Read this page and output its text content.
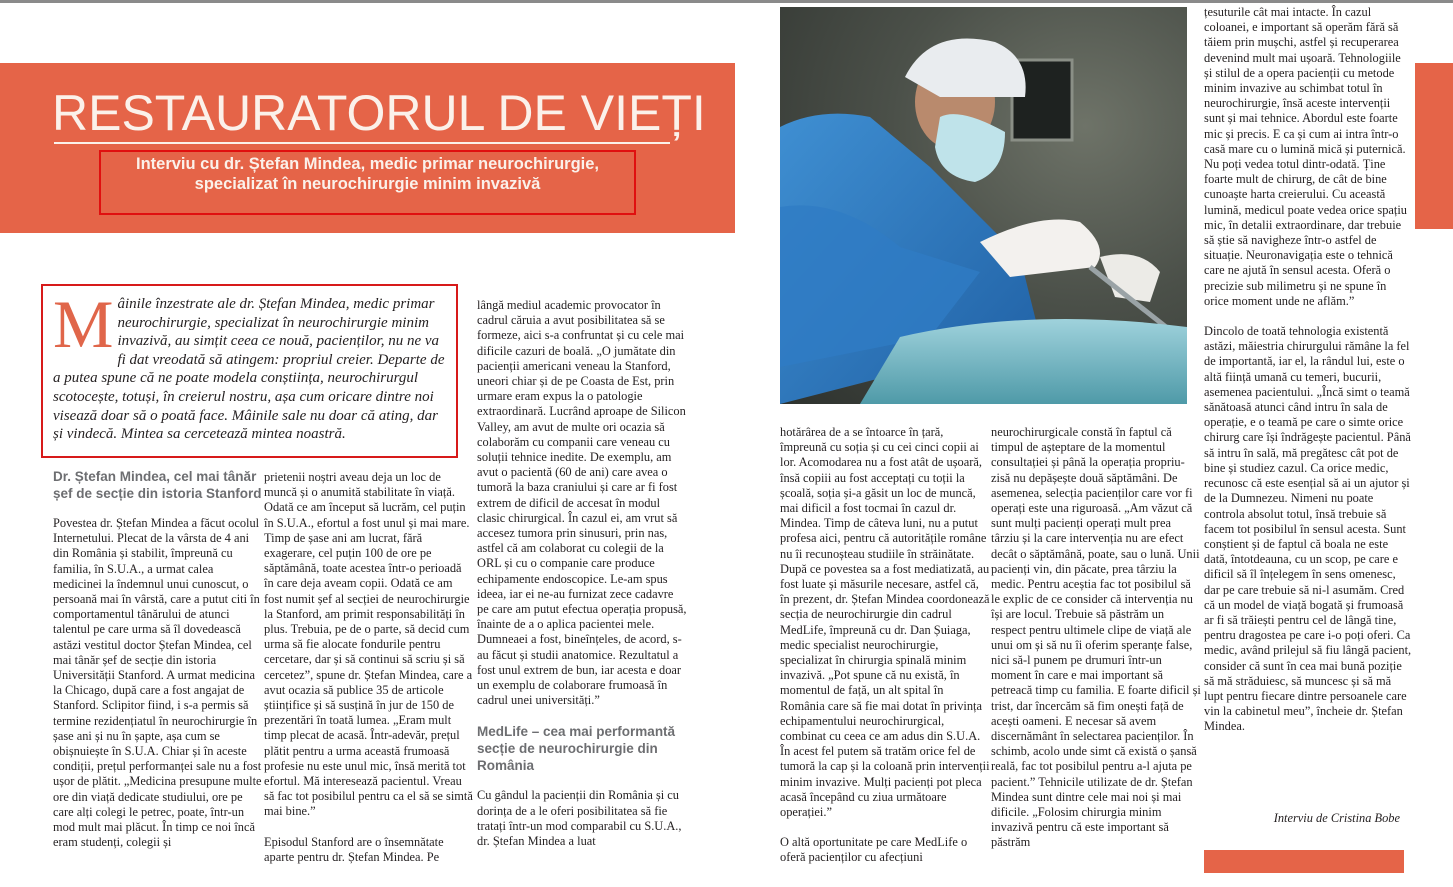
RESTAURATORUL DE VIEȚI
Interviu cu dr. Ștefan Mindea, medic primar neurochirurgie,
specializat în neurochirurgie minim invazivă
Mâinile înzestrate ale dr. Ștefan Mindea, medic primar neurochirurgie, specializat în neurochirurgie minim invazivă, au simțit ceea ce nouă, pacienților, nu ne va fi dat vreodată să atingem: propriul creier. Departe de a putea spune că ne poate modela conștiința, neurochirurgul scotocește, totuși, în creierul nostru, așa cum oricare dintre noi visează doar să o poată face. Mâinile sale nu doar că ating, dar și vindecă. Mintea sa cercetează mintea noastră.
Dr. Ștefan Mindea, cel mai tânăr șef de secție din istoria Stanford

Povestea dr. Ștefan Mindea a făcut ocolul Internetului. Plecat de la vârsta de 4 ani din România și stabilit, împreună cu familia, în S.U.A., a urmat calea medicinei la îndemnul unui cunoscut, o persoană mai în vârstă, care a putut citi în comportamentul tânărului de atunci talentul pe care urma să îl dovedească astăzi vestitul doctor Ștefan Mindea, cel mai tânăr șef de secție din istoria Universității Stanford. A urmat medicina la Chicago, după care a fost angajat de Stanford. Sclipitor fiind, i s-a permis să termine rezidențiatul în neurochirurgie în șase ani și nu în șapte, așa cum se obișnuiește în S.U.A. Chiar și în aceste condiții, prețul performanței sale nu a fost ușor de plătit. „Medicina presupune multe ore din viață dedicate studiului, ore pe care alți colegi le petrec, poate, într-un mod mult mai plăcut. În timp ce noi încă eram studenți, colegii și

prietenii noștri aveau deja un loc de muncă și o anumită stabilitate în viață. Odată ce am început să lucrăm, cel puțin în S.U.A., efortul a fost unul și mai mare. Timp de șase ani am lucrat, fără exagerare, cel puțin 100 de ore pe săptămână, toate acestea într-o perioadă în care deja aveam copii. Odată ce am fost numit șef al secției de neurochirurgie la Stanford, am primit responsabilități în plus. Trebuia, pe de o parte, să decid cum urma să fie alocate fondurile pentru cercetare, dar și să continui să scriu și să cercetez”, spune dr. Ștefan Mindea, care a avut ocazia să publice 35 de articole științifice și să susțină în jur de 150 de prezentări în toată lumea. „Eram mult timp plecat de acasă. Într-adevăr, prețul plătit pentru a urma această frumoasă profesie nu este unul mic, însă merită tot efortul. Mă interesează pacientul. Vreau să fac tot posibilul pentru ca el să se simtă mai bine.”

Episodul Stanford are o însemnătate aparte pentru dr. Ștefan Mindea. Pe

lângă mediul academic provocator în cadrul căruia a avut posibilitatea să se formeze, aici s-a confruntat și cu cele mai dificile cazuri de boală. „O jumătate din pacienții americani veneau la Stanford, uneori chiar și de pe Coasta de Est, prin urmare eram expus la o patologie extraordinară. Lucrând aproape de Silicon Valley, am avut de multe ori ocazia să colaborăm cu companii care veneau cu soluții tehnice inedite. De exemplu, am avut o pacientă (60 de ani) care avea o tumoră la baza craniului și care ar fi fost extrem de dificil de accesat în modul clasic chirurgical. În cazul ei, am vrut să accesez tumora prin sinusuri, prin nas, astfel că am colaborat cu colegii de la ORL și cu o companie care produce echipamente endoscopice. Le-am spus ideea, iar ei ne-au furnizat zece cadavre pe care am putut efectua operația propusă, înainte de a o aplica pacientei mele. Dumneaei a fost, bineînțeles, de acord, s-au făcut și studii anatomice. Rezultatul a fost unul extrem de bun, iar acesta e doar un exemplu de colaborare frumoasă în cadrul unei universități.”

MedLife – cea mai performantă secție de neurochirurgie din România

Cu gândul la pacienții din România și cu dorința de a le oferi posibilitatea să fie tratați într-un mod comparabil cu S.U.A., dr. Ștefan Mindea a luat

hotărârea de a se întoarce în țară, împreună cu soția și cu cei cinci copii ai lor. Acomodarea nu a fost atât de ușoară, însă copiii au fost acceptați cu toții la școală, soția și-a găsit un loc de muncă, mai dificil a fost tocmai în cazul dr. Mindea. Timp de câteva luni, nu a putut profesa aici, pentru că autoritățile române nu îi recunoșteau studiile în străinătate. După ce povestea sa a fost mediatizată, au fost luate și măsurile necesare, astfel că, în prezent, dr. Ștefan Mindea coordonează secția de neurochirurgie din cadrul MedLife, împreună cu dr. Dan Șuiaga, medic specialist neurochirurgie, specializat în chirurgia spinală minim invazivă. „Pot spune că nu există, în momentul de față, un alt spital în România care să fie mai dotat în privința echipamentului neurochirurgical, combinat cu ceea ce am adus din S.U.A. În acest fel putem să tratăm orice fel de tumoră la cap și la coloană prin intervenții minim invazive. Mulți pacienți pot pleca acasă începând cu ziua următoare operației.”

O altă oportunitate pe care MedLife o oferă pacienților cu afecțiuni

neurochirurgicale constă în faptul că timpul de așteptare de la momentul consultației și până la operația propriu-zisă nu depășește două săptămâni. De asemenea, selecția pacienților care vor fi operați este una riguroasă. „Am văzut că sunt mulți pacienți operați mult prea târziu și la care intervenția nu are efect decât o săptămână, poate, sau o lună. Unii pacienți vin, din păcate, prea târziu la medic. Pentru aceștia fac tot posibilul să le explic de ce consider că intervenția nu își are locul. Trebuie să păstrăm un respect pentru ultimele clipe de viață ale unui om și să nu îi oferim speranțe false, nici să-l punem pe drumuri într-un moment în care e mai important să petreacă timp cu familia. E foarte dificil și trist, dar încercăm să fim onești față de acești oameni. E necesar să avem discernământ în selectarea pacienților. În schimb, acolo unde simt că există o șansă reală, fac tot posibilul pentru a-l ajuta pe pacient.” Tehnicile utilizate de dr. Ștefan Mindea sunt dintre cele mai noi și mai dificile. „Folosim chirurgia minim invazivă pentru că este important să păstrăm

țesuturile cât mai intacte. În cazul coloanei, e important să operăm fără să tăiem prin mușchi, astfel și recuperarea devenind mult mai ușoară. Tehnologiile și stilul de a opera pacienții cu metode minim invazive au schimbat totul în neurochirurgie, însă aceste intervenții sunt și mai tehnice. Abordul este foarte mic și precis. E ca și cum ai intra într-o casă mare cu o lumină mică și puternică. Nu poți vedea totul dintr-odată. Ține foarte mult de chirurg, de cât de bine cunoaște harta creierului. Cu această lumină, medicul poate vedea orice spațiu mic, în detalii extraordinare, dar trebuie să știe să navigheze într-o astfel de situație. Neuronavigația este o tehnică care ne ajută în sensul acesta. Oferă o precizie sub milimetru și ne spune în orice moment unde ne aflăm.”

Dincolo de toată tehnologia existentă astăzi, măiestria chirurgului rămâne la fel de importantă, iar el, la rândul lui, este o altă ființă umană cu temeri, bucurii, asemenea pacientului. „Încă simt o teamă sănătoasă atunci când intru în sala de operație, e o teamă pe care o simte orice chirurg care își îndrăgește pacientul. Până să intru în sală, mă pregătesc cât pot de bine și studiez cazul. Ca orice medic, recunosc că este esențial să ai un ajutor și de la Dumnezeu. Nimeni nu poate controla absolut totul, însă trebuie să facem tot posibilul în sensul acesta. Sunt conștient și de faptul că boala ne este dată, întotdeauna, cu un scop, pe care e dificil să îl înțelegem în sens omenesc, dar pe care trebuie să ni-l asumăm. Cred că un model de viață bogată și frumoasă ar fi să trăiești pentru cel de lângă tine, pentru dragostea pe care i-o poți oferi. Ca medic, având prilejul să fiu lângă pacient, consider că sunt în cea mai bună poziție să mă străduiesc, să muncesc și să mă lupt pentru fiecare dintre persoanele care vin la cabinetul meu”, încheie dr. Ștefan Mindea.

Interviu de Cristina Bobe
